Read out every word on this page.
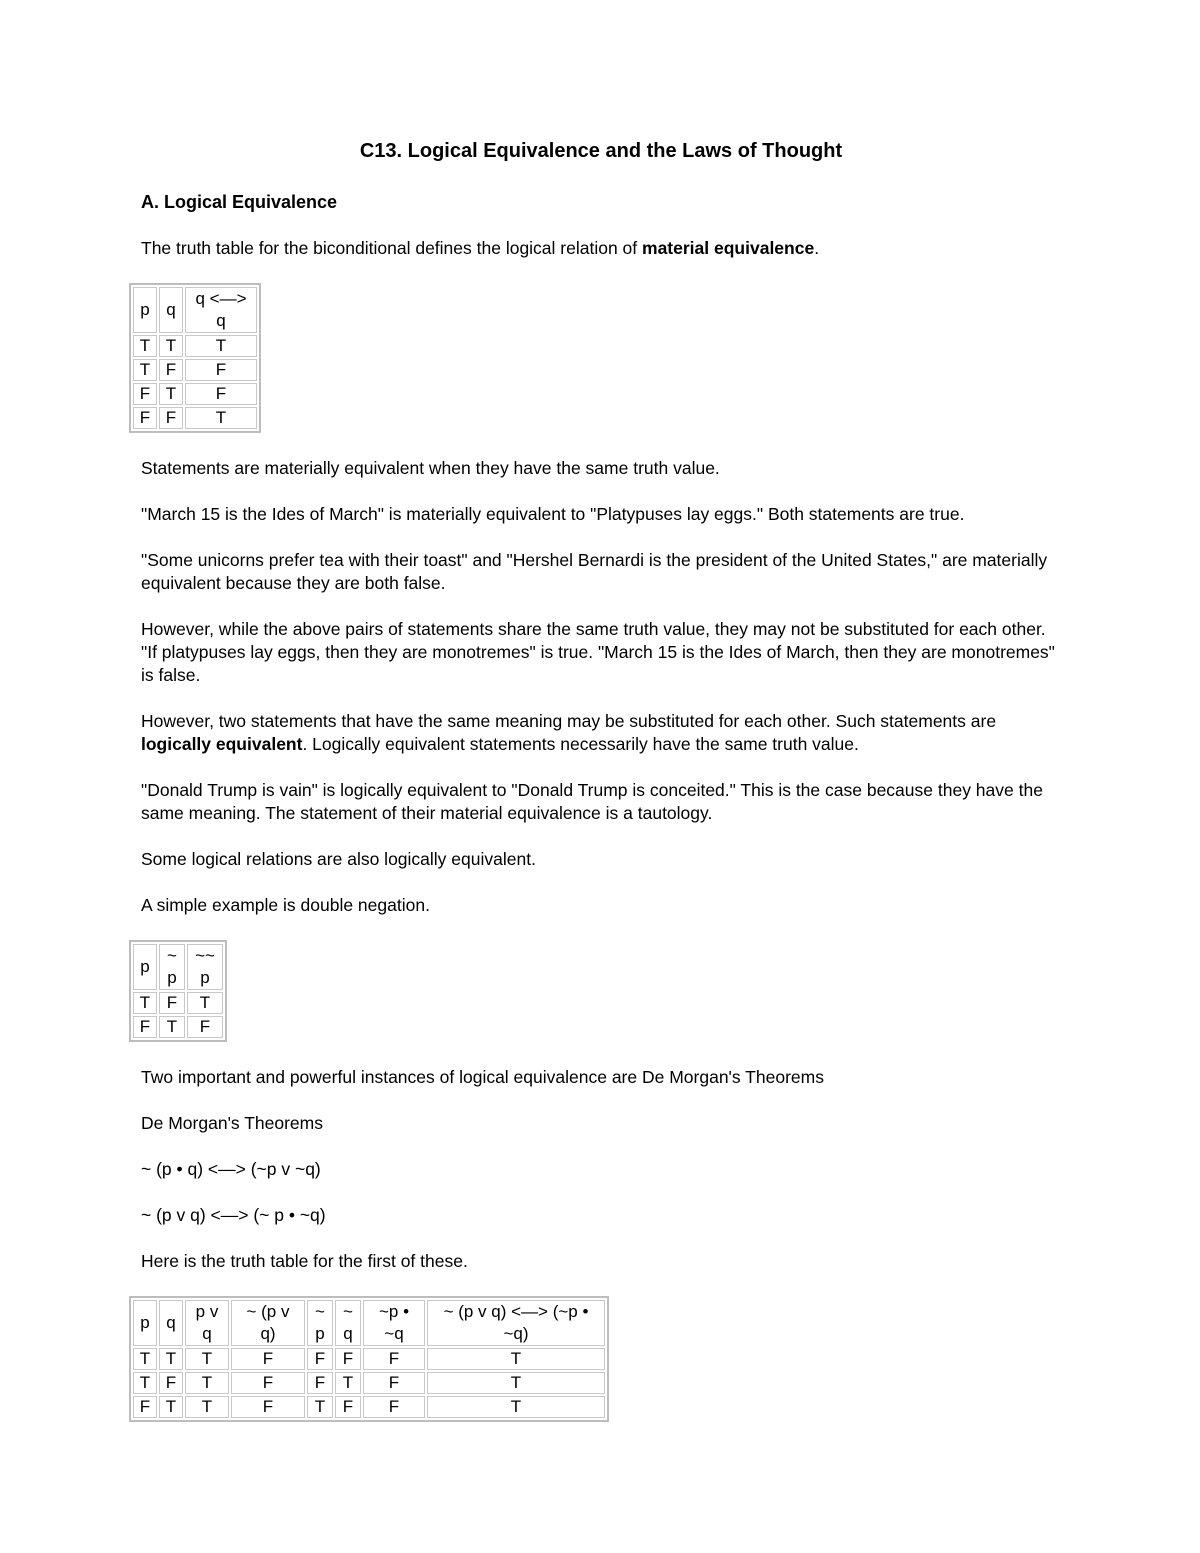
C13. Logical Equivalence and the Laws of Thought
A. Logical Equivalence

The truth table for the biconditional defines the logical relation of material equivalence.

p	q	q <—> q
T	T	T
T	F	F
F	T	F
F	F	T

Statements are materially equivalent when they have the same truth value.

"March 15 is the Ides of March" is materially equivalent to "Platypuses lay eggs." Both statements are true.

"Some unicorns prefer tea with their toast" and "Hershel Bernardi is the president of the United States," are materially equivalent because they are both false.

However, while the above pairs of statements share the same truth value, they may not be substituted for each other. "If platypuses lay eggs, then they are monotremes" is true. "March 15 is the Ides of March, then they are monotremes" is false.

However, two statements that have the same meaning may be substituted for each other. Such statements are logically equivalent. Logically equivalent statements necessarily have the same truth value.

"Donald Trump is vain" is logically equivalent to "Donald Trump is conceited." This is the case because they have the same meaning. The statement of their material equivalence is a tautology.

Some logical relations are also logically equivalent.

A simple example is double negation.

p	~ p	~~ p
T	F	T
F	T	F

Two important and powerful instances of logical equivalence are De Morgan's Theorems

De Morgan's Theorems

~ (p • q) <—> (~p v ~q)

~ (p v q) <—> (~ p • ~q)

Here is the truth table for the first of these.

p	q	p v q	~ (p v q)	~ p	~ q	~p • ~q	~ (p v q) <—> (~p • ~q)
T	T	T	F	F	F	F	T
T	F	T	F	F	T	F	T
F	T	T	F	T	F	F	T
